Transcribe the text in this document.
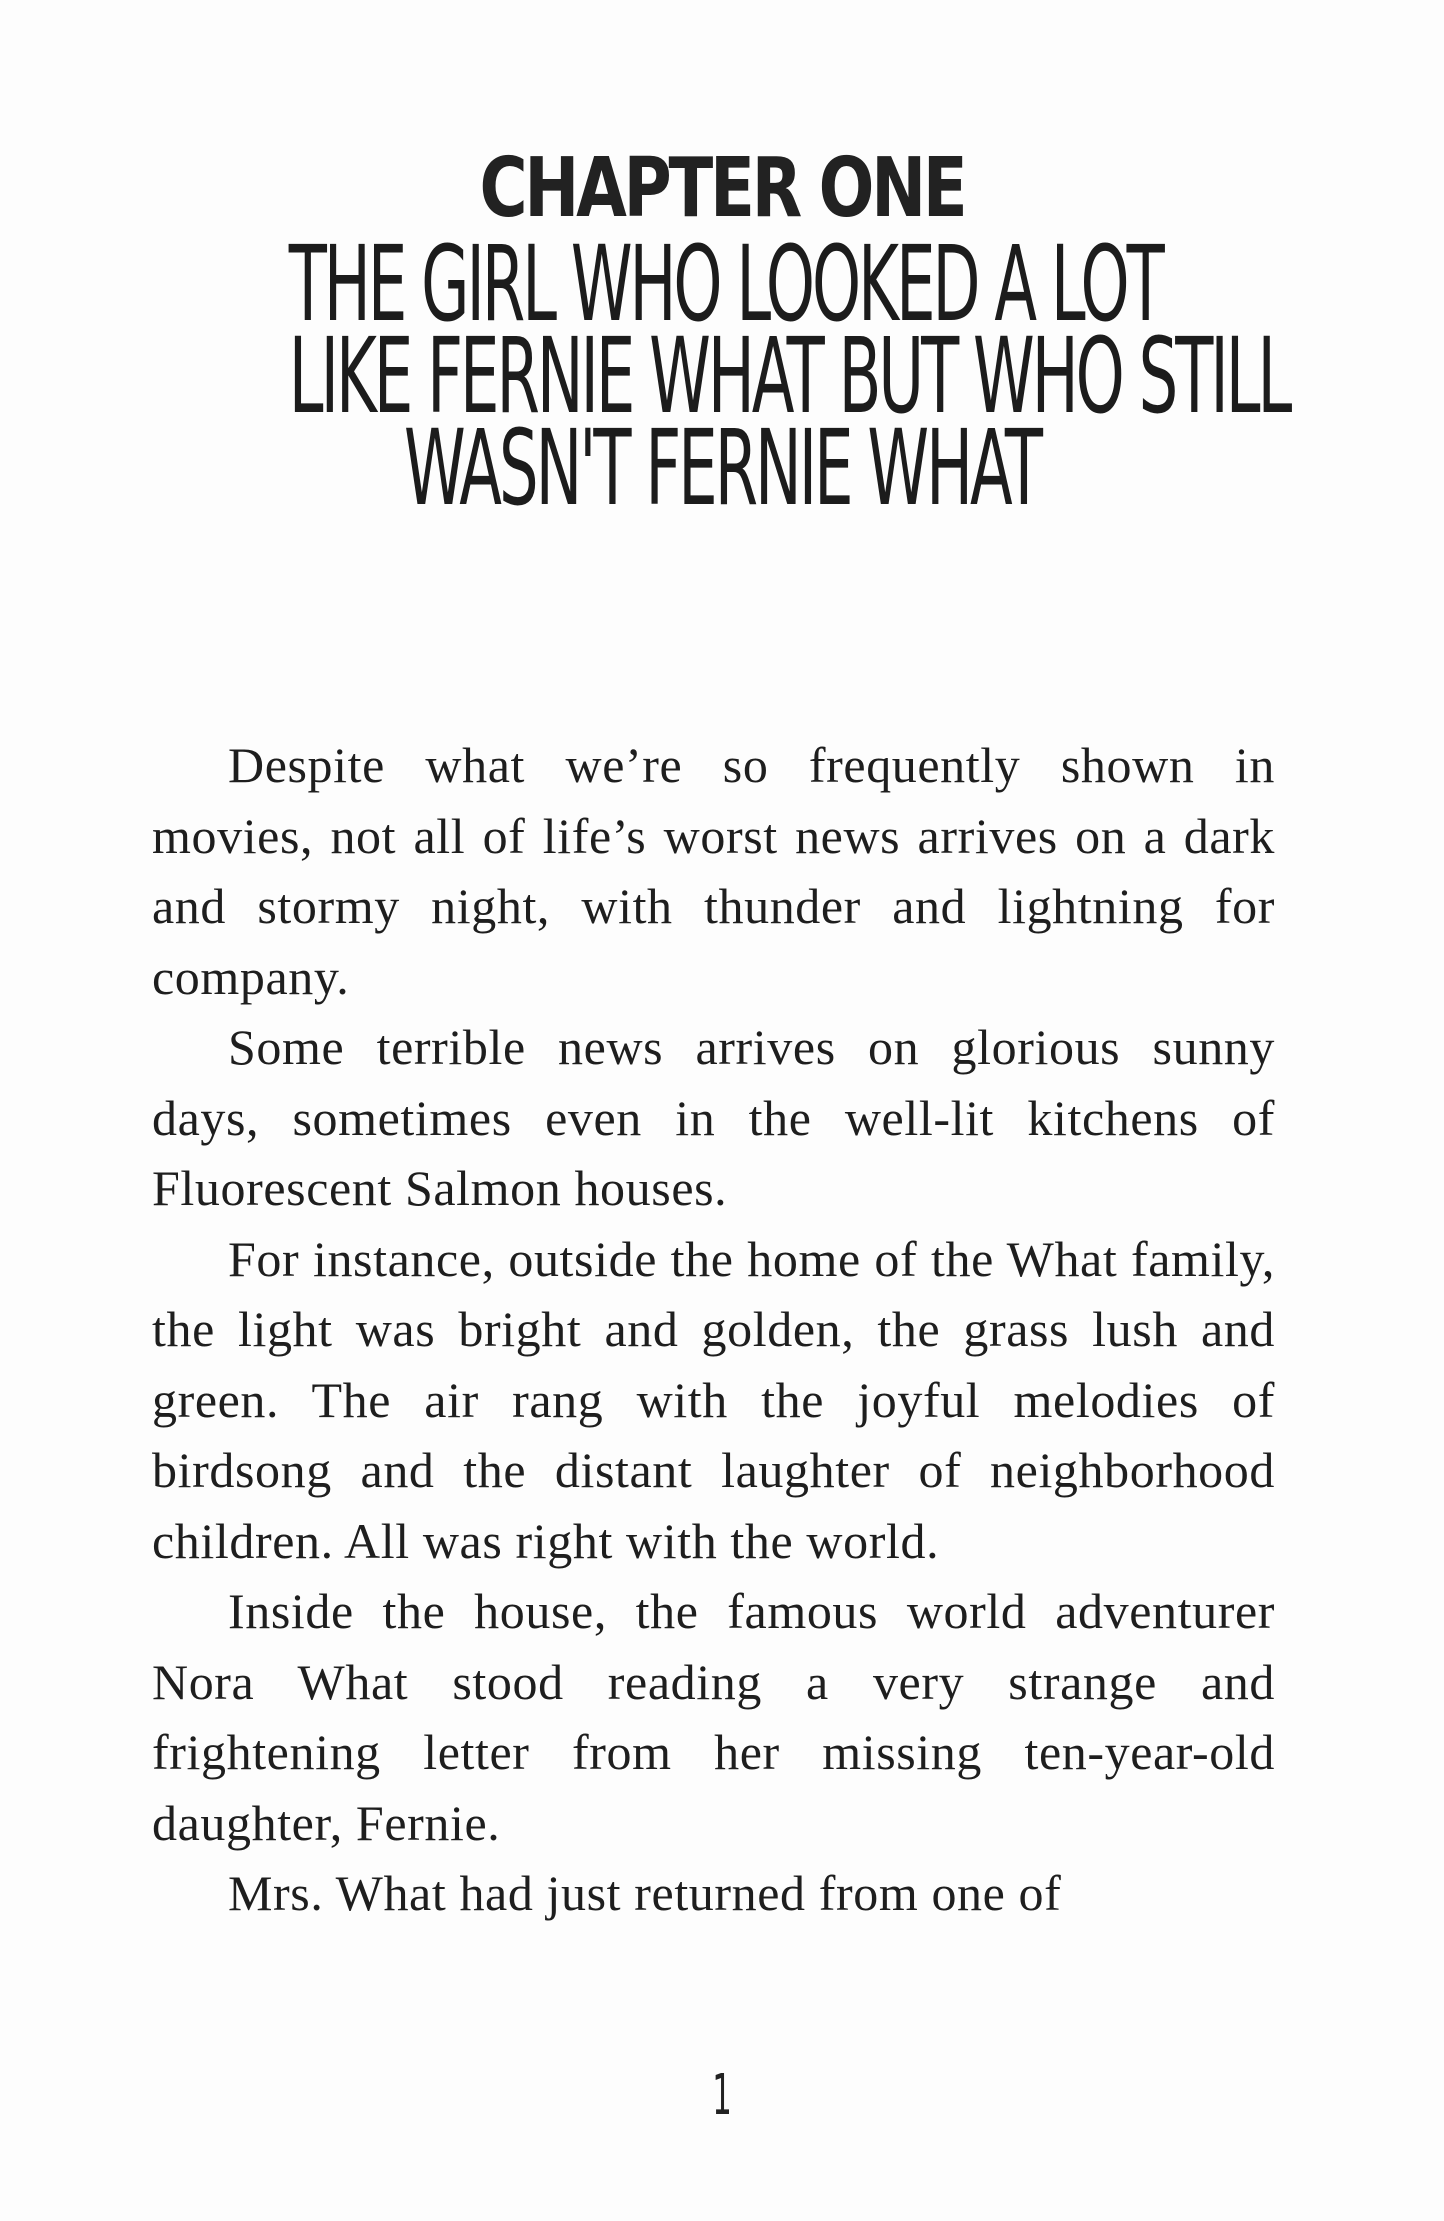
CHAPTER ONE
THE GIRL WHO LOOKED A LOT
LIKE FERNIE WHAT BUT WHO STILL
WASN'T FERNIE WHAT

Despite what we’re so frequently shown in movies, not all of life’s worst news arrives on a dark and stormy night, with thunder and lightning for company.

Some terrible news arrives on glorious sunny days, sometimes even in the well-lit kitchens of Fluorescent Salmon houses.

For instance, outside the home of the What family, the light was bright and golden, the grass lush and green. The air rang with the joyful melodies of birdsong and the distant laughter of neighborhood children. All was right with the world.

Inside the house, the famous world adventurer Nora What stood reading a very strange and frightening letter from her missing ten-year-old daughter, Fernie.

Mrs. What had just returned from one of

1
